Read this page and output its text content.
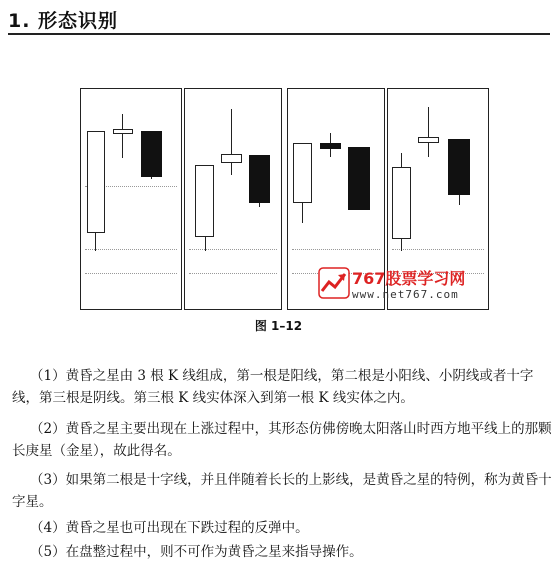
1. 形态识别
767股票学习网
www.net767.com
图 1–12
（1）黄昏之星由 3 根 K 线组成，第一根是阳线，第二根是小阳线、小阴线或者十字线，第三根是阴线。第三根 K 线实体深入到第一根 K 线实体之内。
（2）黄昏之星主要出现在上涨过程中，其形态仿佛傍晚太阳落山时西方地平线上的那颗长庚星（金星），故此得名。
（3）如果第二根是十字线，并且伴随着长长的上影线，是黄昏之星的特例，称为黄昏十字星。
（4）黄昏之星也可出现在下跌过程的反弹中。
（5）在盘整过程中，则不可作为黄昏之星来指导操作。
